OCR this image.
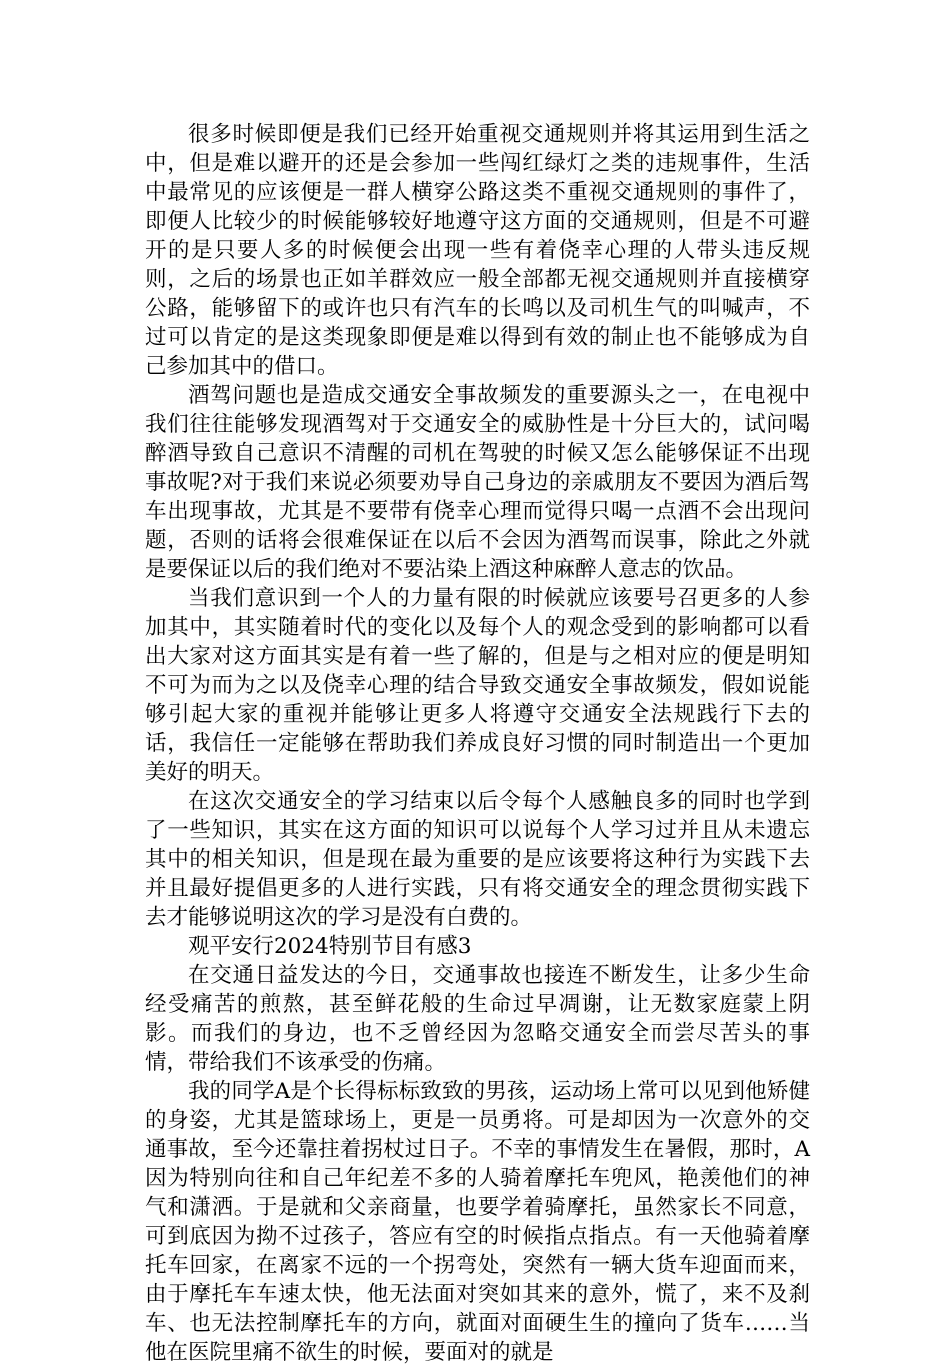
很多时候即便是我们已经开始重视交通规则并将其运用到生活之中，但是难以避开的还是会参加一些闯红绿灯之类的违规事件，生活中最常见的应该便是一群人横穿公路这类不重视交通规则的事件了，即便人比较少的时候能够较好地遵守这方面的交通规则，但是不可避开的是只要人多的时候便会出现一些有着侥幸心理的人带头违反规则，之后的场景也正如羊群效应一般全部都无视交通规则并直接横穿公路，能够留下的或许也只有汽车的长鸣以及司机生气的叫喊声，不过可以肯定的是这类现象即便是难以得到有效的制止也不能够成为自己参加其中的借口。

酒驾问题也是造成交通安全事故频发的重要源头之一，在电视中我们往往能够发现酒驾对于交通安全的威胁性是十分巨大的，试问喝醉酒导致自己意识不清醒的司机在驾驶的时候又怎么能够保证不出现事故呢?对于我们来说必须要劝导自己身边的亲戚朋友不要因为酒后驾车出现事故，尤其是不要带有侥幸心理而觉得只喝一点酒不会出现问题，否则的话将会很难保证在以后不会因为酒驾而误事，除此之外就是要保证以后的我们绝对不要沾染上酒这种麻醉人意志的饮品。

当我们意识到一个人的力量有限的时候就应该要号召更多的人参加其中，其实随着时代的变化以及每个人的观念受到的影响都可以看出大家对这方面其实是有着一些了解的，但是与之相对应的便是明知不可为而为之以及侥幸心理的结合导致交通安全事故频发，假如说能够引起大家的重视并能够让更多人将遵守交通安全法规践行下去的话，我信任一定能够在帮助我们养成良好习惯的同时制造出一个更加美好的明天。

在这次交通安全的学习结束以后令每个人感触良多的同时也学到了一些知识，其实在这方面的知识可以说每个人学习过并且从未遗忘其中的相关知识，但是现在最为重要的是应该要将这种行为实践下去并且最好提倡更多的人进行实践，只有将交通安全的理念贯彻实践下去才能够说明这次的学习是没有白费的。

观平安行2024特别节目有感3

在交通日益发达的今日，交通事故也接连不断发生，让多少生命经受痛苦的煎熬，甚至鲜花般的生命过早凋谢，让无数家庭蒙上阴影。而我们的身边，也不乏曾经因为忽略交通安全而尝尽苦头的事情，带给我们不该承受的伤痛。

我的同学A是个长得标标致致的男孩，运动场上常可以见到他矫健的身姿，尤其是篮球场上，更是一员勇将。可是却因为一次意外的交通事故，至今还靠拄着拐杖过日子。不幸的事情发生在暑假，那时，A因为特别向往和自己年纪差不多的人骑着摩托车兜风，艳羡他们的神气和潇洒。于是就和父亲商量，也要学着骑摩托，虽然家长不同意，可到底因为拗不过孩子，答应有空的时候指点指点。有一天他骑着摩托车回家，在离家不远的一个拐弯处，突然有一辆大货车迎面而来，由于摩托车车速太快，他无法面对突如其来的意外，慌了，来不及刹车、也无法控制摩托车的方向，就面对面硬生生的撞向了货车……当他在医院里痛不欲生的时候，要面对的就是
